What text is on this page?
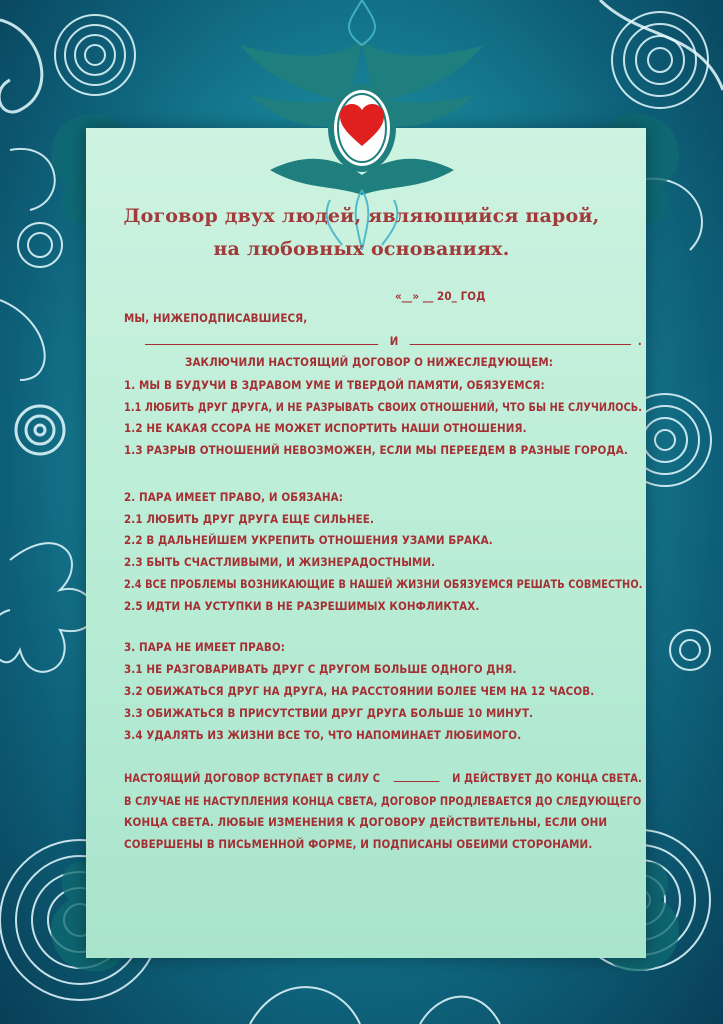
Договор двух людей, являющийся парой,
на любовных основаниях.
«__» __ 20_ ГОД
МЫ, НИЖЕПОДПИСАВШИЕСЯ,
И	.
ЗАКЛЮЧИЛИ НАСТОЯЩИЙ ДОГОВОР О НИЖЕСЛЕДУЮЩЕМ:
1. МЫ В БУДУЧИ В ЗДРАВОМ УМЕ И ТВЕРДОЙ ПАМЯТИ, ОБЯЗУЕМСЯ:
1.1 ЛЮБИТЬ ДРУГ ДРУГА, И НЕ РАЗРЫВАТЬ СВОИХ ОТНОШЕНИЙ, ЧТО БЫ НЕ СЛУЧИЛОСЬ.
1.2 НЕ КАКАЯ ССОРА НЕ МОЖЕТ ИСПОРТИТЬ НАШИ ОТНОШЕНИЯ.
1.3 РАЗРЫВ ОТНОШЕНИЙ НЕВОЗМОЖЕН, ЕСЛИ МЫ ПЕРЕЕДЕМ В РАЗНЫЕ ГОРОДА.
2. ПАРА ИМЕЕТ ПРАВО, И ОБЯЗАНА:
2.1 ЛЮБИТЬ ДРУГ ДРУГА ЕЩЕ СИЛЬНЕЕ.
2.2 В ДАЛЬНЕЙШЕМ УКРЕПИТЬ ОТНОШЕНИЯ УЗАМИ БРАКА.
2.3 БЫТЬ СЧАСТЛИВЫМИ, И ЖИЗНЕРАДОСТНЫМИ.
2.4 ВСЕ ПРОБЛЕМЫ ВОЗНИКАЮЩИЕ В НАШЕЙ ЖИЗНИ ОБЯЗУЕМСЯ РЕШАТЬ СОВМЕСТНО.
2.5 ИДТИ НА УСТУПКИ В НЕ РАЗРЕШИМЫХ КОНФЛИКТАХ.
3. ПАРА НЕ ИМЕЕТ ПРАВО:
3.1 НЕ РАЗГОВАРИВАТЬ ДРУГ С ДРУГОМ БОЛЬШЕ ОДНОГО ДНЯ.
3.2 ОБИЖАТЬСЯ ДРУГ НА ДРУГА, НА РАССТОЯНИИ БОЛЕЕ ЧЕМ НА 12 ЧАСОВ.
3.3 ОБИЖАТЬСЯ В ПРИСУТСТВИИ ДРУГ ДРУГА БОЛЬШЕ 10 МИНУТ.
3.4 УДАЛЯТЬ ИЗ ЖИЗНИ ВСЕ ТО, ЧТО НАПОМИНАЕТ ЛЮБИМОГО.
НАСТОЯЩИЙ ДОГОВОР ВСТУПАЕТ В СИЛУ С	И ДЕЙСТВУЕТ ДО КОНЦА СВЕТА.
В СЛУЧАЕ НЕ НАСТУПЛЕНИЯ КОНЦА СВЕТА, ДОГОВОР ПРОДЛЕВАЕТСЯ ДО СЛЕДУЮЩЕГО
КОНЦА СВЕТА. ЛЮБЫЕ ИЗМЕНЕНИЯ К ДОГОВОРУ ДЕЙСТВИТЕЛЬНЫ, ЕСЛИ ОНИ
СОВЕРШЕНЫ В ПИСЬМЕННОЙ ФОРМЕ, И ПОДПИСАНЫ ОБЕИМИ СТОРОНАМИ.
